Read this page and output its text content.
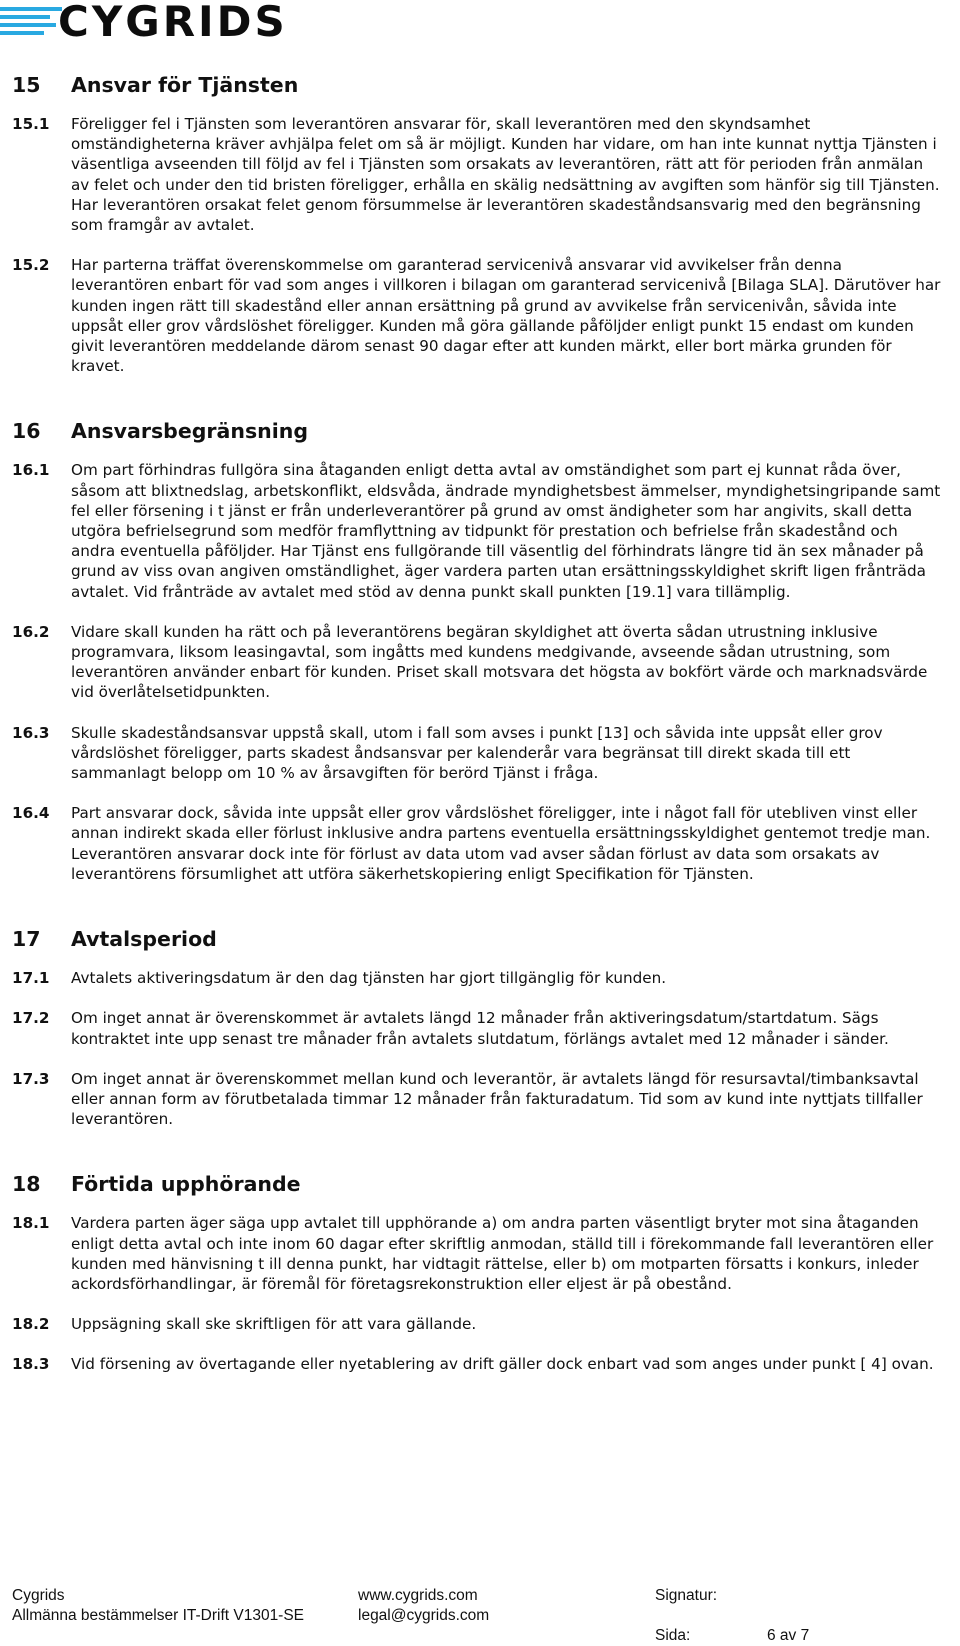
CYGRIDS
15	Ansvar för Tjänsten
15.1	Föreligger fel i Tjänsten som leverantören ansvarar för, skall leverantören med den skyndsamhet omständigheterna kräver avhjälpa felet om så är möjligt. Kunden har vidare, om han inte kunnat nyttja Tjänsten i väsentliga avseenden till följd av fel i Tjänsten som orsakats av leverantören, rätt att för perioden från anmälan av felet och under den tid bristen föreligger, erhålla en skälig nedsättning av avgiften som hänför sig till Tjänsten. Har leverantören orsakat felet genom försummelse är leverantören skadeståndsansvarig med den begränsning som framgår av avtalet.
15.2	Har parterna träffat överenskommelse om garanterad servicenivå ansvarar vid avvikelser från denna leverantören enbart för vad som anges i villkoren i bilagan om garanterad servicenivå [Bilaga SLA]. Därutöver har kunden ingen rätt till skadestånd eller annan ersättning på grund av avvikelse från servicenivån, såvida inte uppsåt eller grov vårdslöshet föreligger. Kunden må göra gällande påföljder enligt punkt 15 endast om kunden givit leverantören meddelande därom senast 90 dagar efter att kunden märkt, eller bort märka grunden för kravet.
16	Ansvarsbegränsning
16.1	Om part förhindras fullgöra sina åtaganden enligt detta avtal av omständighet som part ej kunnat råda över, såsom att blixtnedslag, arbetskonflikt, eldsvåda, ändrade myndighetsbest ämmelser, myndighetsingripande samt fel eller försening i t jänst er från underleverantörer på grund av omst ändigheter som har angivits, skall detta utgöra befrielsegrund som medför framflyttning av tidpunkt för prestation och befrielse från skadestånd och andra eventuella påföljder. Har Tjänst ens fullgörande till väsentlig del förhindrats längre tid än sex månader på grund av viss ovan angiven omständlighet, äger vardera parten utan ersättningsskyldighet skrift ligen frånträda avtalet. Vid frånträde av avtalet med stöd av denna punkt skall punkten [19.1] vara tillämplig.
16.2	Vidare skall kunden ha rätt och på leverantörens begäran skyldighet att överta sådan utrustning inklusive programvara, liksom leasingavtal, som ingåtts med kundens medgivande, avseende sådan utrustning, som leverantören använder enbart för kunden. Priset skall motsvara det högsta av bokfört värde och marknadsvärde vid överlåtelsetidpunkten.
16.3	Skulle skadeståndsansvar uppstå skall, utom i fall som avses i punkt [13] och såvida inte uppsåt eller grov vårdslöshet föreligger, parts skadest åndsansvar per kalenderår vara begränsat till direkt skada till ett sammanlagt belopp om 10 % av årsavgiften för berörd Tjänst i fråga.
16.4	Part ansvarar dock, såvida inte uppsåt eller grov vårdslöshet föreligger, inte i något fall för utebliven vinst eller annan indirekt skada eller förlust inklusive andra partens eventuella ersättningsskyldighet gentemot tredje man. Leverantören ansvarar dock inte för förlust av data utom vad avser sådan förlust av data som orsakats av leverantörens försumlighet att utföra säkerhetskopiering enligt Specifikation för Tjänsten.
17	Avtalsperiod
17.1	Avtalets aktiveringsdatum är den dag tjänsten har gjort tillgänglig för kunden.
17.2	Om inget annat är överenskommet är avtalets längd 12 månader från aktiveringsdatum/startdatum. Sägs kontraktet inte upp senast tre månader från avtalets slutdatum, förlängs avtalet med 12 månader i sänder.
17.3	Om inget annat är överenskommet mellan kund och leverantör, är avtalets längd för resursavtal/timbanksavtal eller annan form av förutbetalada timmar 12 månader från fakturadatum. Tid som av kund inte nyttjats tillfaller leverantören.
18	Förtida upphörande
18.1	Vardera parten äger säga upp avtalet till upphörande a) om andra parten väsentligt bryter mot sina åtaganden enligt detta avtal och inte inom 60 dagar efter skriftlig anmodan, ställd till i förekommande fall leverantören eller kunden med hänvisning t ill denna punkt, har vidtagit rättelse, eller b) om motparten försatts i konkurs, inleder ackordsförhandlingar, är föremål för företagsrekonstruktion eller eljest är på obestånd.
18.2	Uppsägning skall ske skriftligen för att vara gällande.
18.3	Vid försening av övertagande eller nyetablering av drift gäller dock enbart vad som anges under punkt [ 4] ovan.
Cygrids
Allmänna bestämmelser IT-Drift V1301-SE
www.cygrids.com
legal@cygrids.com
Signatur:
Sida:	6 av 7
